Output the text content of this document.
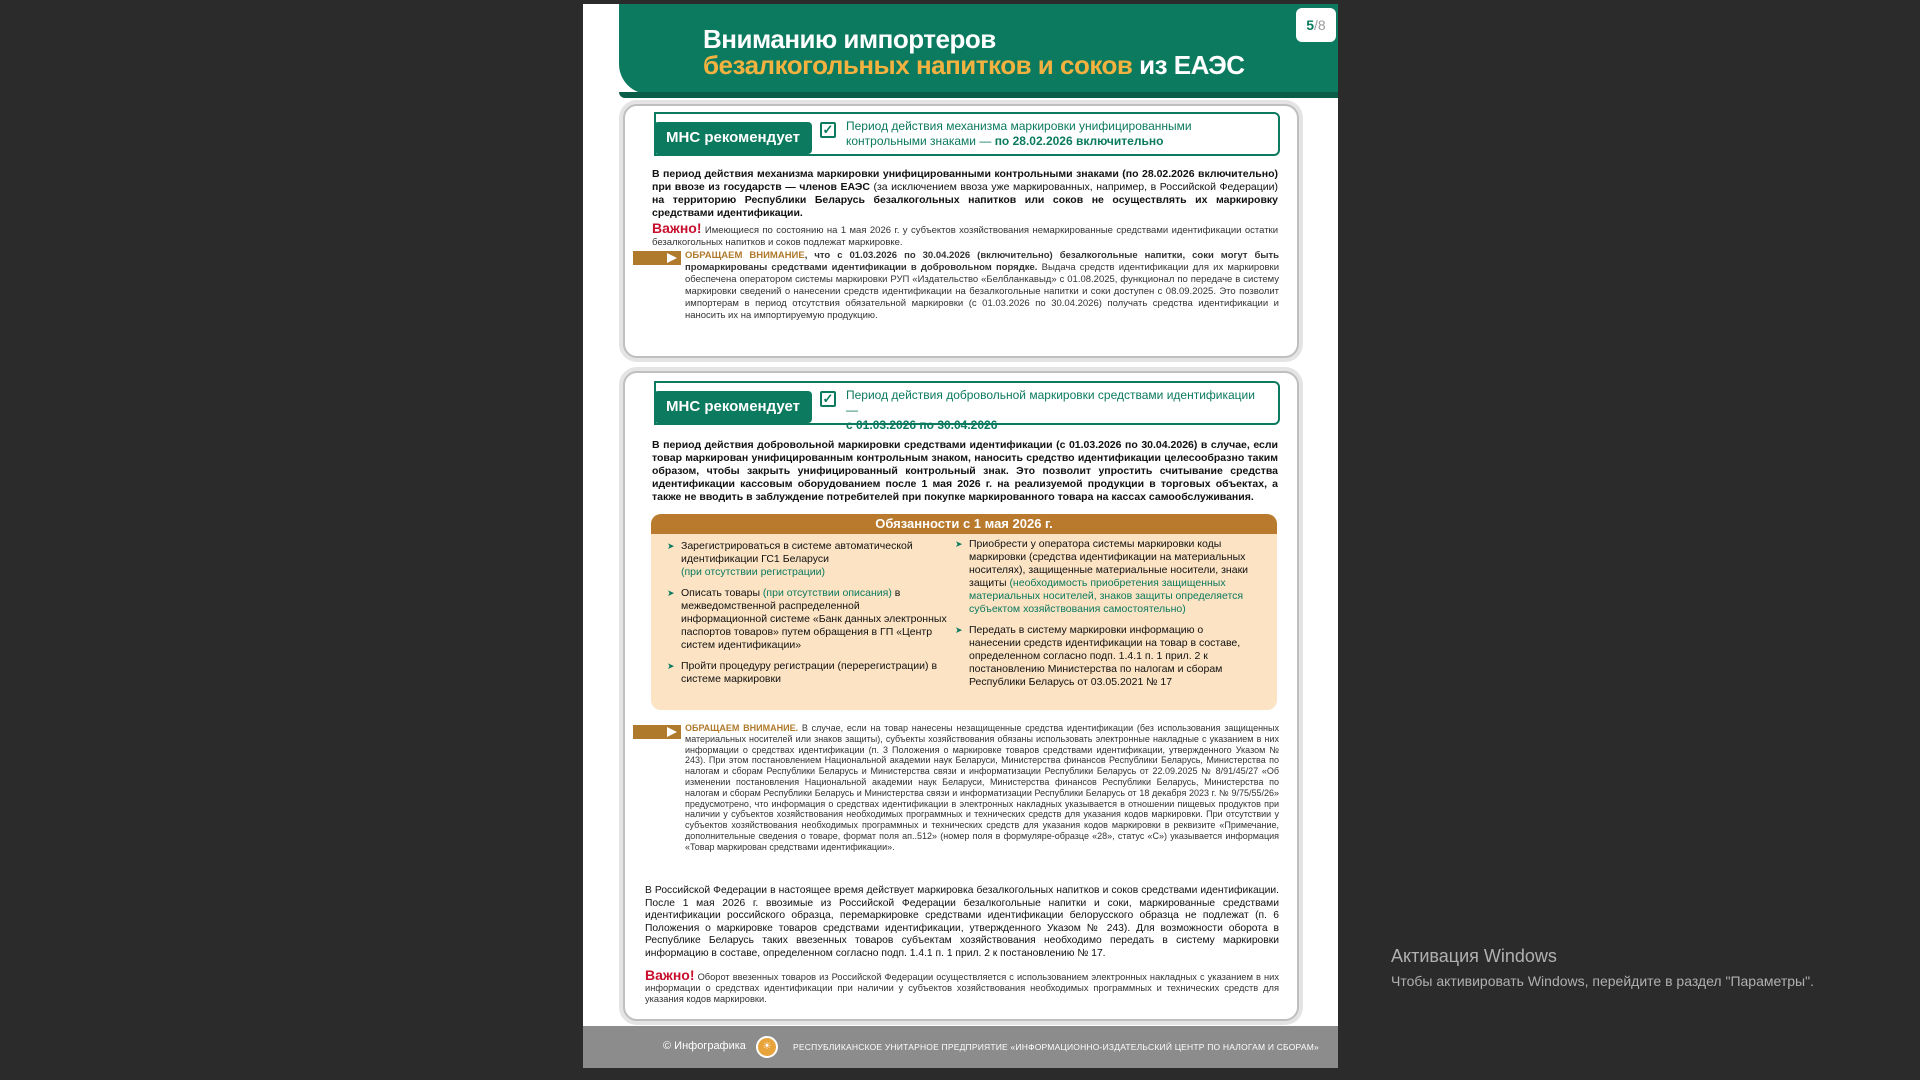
Вниманию импортеров
безалкогольных напитков и соков из ЕАЭС
5/8
МНС рекомендует	✓ Период действия механизма маркировки унифицированными контрольными знаками — по 28.02.2026 включительно
В период действия механизма маркировки унифицированными контрольными знаками (по 28.02.2026 включительно) при ввозе из государств — членов ЕАЭС (за исключением ввоза уже маркированных, например, в Российской Федерации) на территорию Республики Беларусь безалкогольных напитков или соков не осуществлять их маркировку средствами идентификации.
Важно! Имеющиеся по состоянию на 1 мая 2026 г. у субъектов хозяйствования немаркированные средствами идентификации остатки безалкогольных напитков и соков подлежат маркировке.
ОБРАЩАЕМ ВНИМАНИЕ, что с 01.03.2026 по 30.04.2026 (включительно) безалкогольные напитки, соки могут быть промаркированы средствами идентификации в добровольном порядке. Выдача средств идентификации для их маркировки обеспечена оператором системы маркировки РУП «Издательство «Белбланкавыд» с 01.08.2025, функционал по передаче в систему маркировки сведений о нанесении средств идентификации на безалкогольные напитки и соки доступен с 08.09.2025. Это позволит импортерам в период отсутствия обязательной маркировки (с 01.03.2026 по 30.04.2026) получать средства идентификации и наносить их на импортируемую продукцию.
МНС рекомендует	✓ Период действия добровольной маркировки средствами идентификации —
с 01.03.2026 по 30.04.2026
В период действия добровольной маркировки средствами идентификации (с 01.03.2026 по 30.04.2026) в случае, если товар маркирован унифицированным контрольным знаком, наносить средство идентификации целесообразно таким образом, чтобы закрыть унифицированный контрольный знак. Это позволит упростить считывание средства идентификации кассовым оборудованием после 1 мая 2026 г. на реализуемой продукции в торговых объектах, а также не вводить в заблуждение потребителей при покупке маркированного товара на кассах самообслуживания.
Обязанности с 1 мая 2026 г.
➤ Зарегистрироваться в системе автоматической идентификации ГС1 Беларуси
(при отсутствии регистрации)
➤ Описать товары (при отсутствии описания) в межведомственной распределенной информационной системе «Банк данных электронных паспортов товаров» путем обращения в ГП «Центр систем идентификации»
➤ Пройти процедуру регистрации (перерегистрации) в системе маркировки
➤ Приобрести у оператора системы маркировки коды маркировки (средства идентификации на материальных носителях), защищенные материальные носители, знаки защиты (необходимость приобретения защищенных материальных носителей, знаков защиты определяется субъектом хозяйствования самостоятельно)
➤ Передать в систему маркировки информацию о нанесении средств идентификации на товар в составе, определенном согласно подп. 1.4.1 п. 1 прил. 2 к постановлению Министерства по налогам и сборам Республики Беларусь от 03.05.2021 № 17
ОБРАЩАЕМ ВНИМАНИЕ. В случае, если на товар нанесены незащищенные средства идентификации (без использования защищенных материальных носителей или знаков защиты), субъекты хозяйствования обязаны использовать электронные накладные с указанием в них информации о средствах идентификации (п. 3 Положения о маркировке товаров средствами идентификации, утвержденного Указом № 243). При этом постановлением Национальной академии наук Беларуси, Министерства финансов Республики Беларусь, Министерства по налогам и сборам Республики Беларусь и Министерства связи и информатизации Республики Беларусь от 22.09.2025 № 8/91/45/27 «Об изменении постановления Национальной академии наук Беларуси, Министерства финансов Республики Беларусь, Министерства по налогам и сборам Республики Беларусь и Министерства связи и информатизации Республики Беларусь от 18 декабря 2023 г. № 9/75/55/26» предусмотрено, что информация о средствах идентификации в электронных накладных указывается в отношении пищевых продуктов при наличии у субъектов хозяйствования необходимых программных и технических средств для указания кодов маркировки. При отсутствии у субъектов хозяйствования необходимых программных и технических средств для указания кодов маркировки в реквизите «Примечание, дополнительные сведения о товаре, формат поля ап..512» (номер поля в формуляре-образце «28», статус «С») указывается информация «Товар маркирован средствами идентификации».
В Российской Федерации в настоящее время действует маркировка безалкогольных напитков и соков средствами идентификации. После 1 мая 2026 г. ввозимые из Российской Федерации безалкогольные напитки и соки, маркированные средствами идентификации российского образца, перемаркировке средствами идентификации белорусского образца не подлежат (п. 6 Положения о маркировке товаров средствами идентификации, утвержденного Указом № 243). Для возможности оборота в Республике Беларусь таких ввезенных товаров субъектам хозяйствования необходимо передать в систему маркировки информацию в составе, определенном согласно подп. 1.4.1 п. 1 прил. 2 к постановлению № 17.
Важно! Оборот ввезенных товаров из Российской Федерации осуществляется с использованием электронных накладных с указанием в них информации о средствах идентификации при наличии у субъектов хозяйствования необходимых программных и технических средств для указания кодов маркировки.
© Инфографика	☀	РЕСПУБЛИКАНСКОЕ УНИТАРНОЕ ПРЕДПРИЯТИЕ «ИНФОРМАЦИОННО-ИЗДАТЕЛЬСКИЙ ЦЕНТР ПО НАЛОГАМ И СБОРАМ»
Активация Windows
Чтобы активировать Windows, перейдите в раздел "Параметры".
